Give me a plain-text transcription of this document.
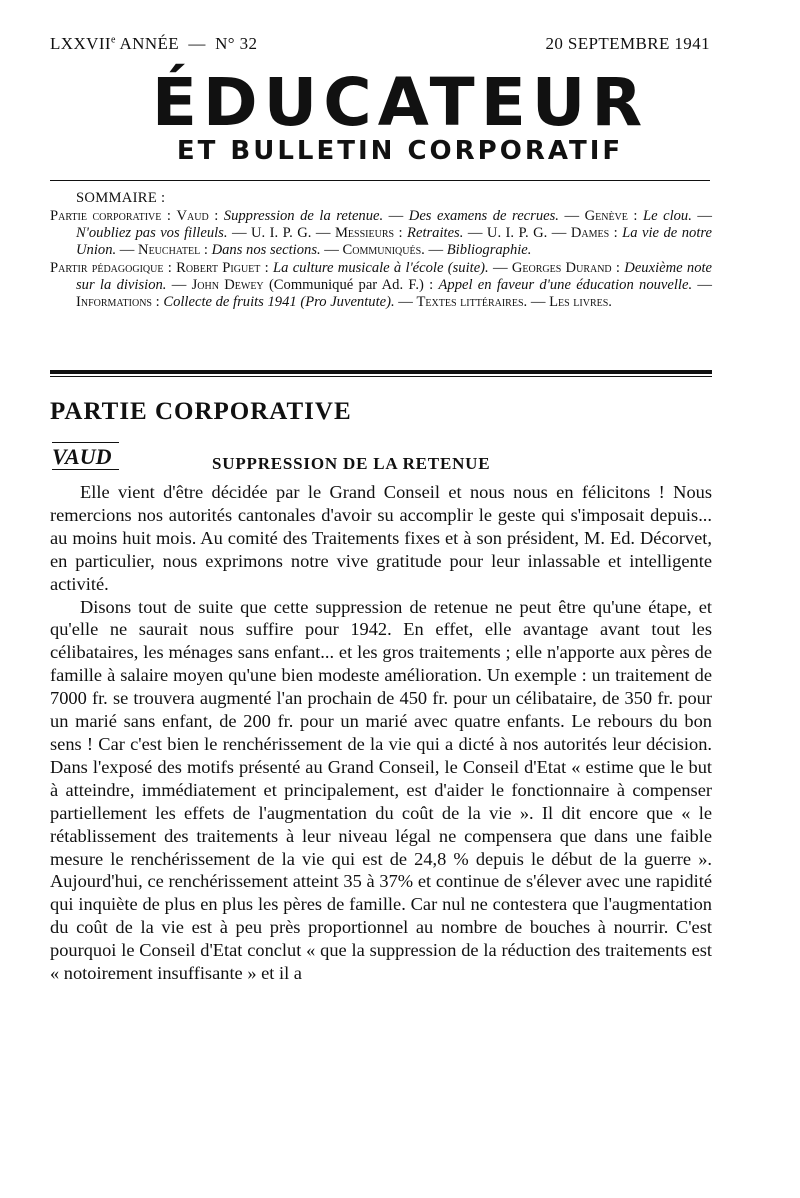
LXXVIIe ANNÉE  —  N° 32	20 SEPTEMBRE 1941
ÉDUCATEUR
ET BULLETIN CORPORATIF
SOMMAIRE :

Partie corporative : Vaud : Suppression de la retenue. — Des examens de recrues. — Genève : Le clou. — N'oubliez pas vos filleuls. — U. I. P. G. — Messieurs : Retraites. — U. I. P. G. — Dames : La vie de notre Union. — Neuchatel : Dans nos sections. — Communiqués. — Bibliographie.

Partir pédagogique : Robert Piguet : La culture musicale à l'école (suite). — Georges Durand : Deuxième note sur la division. — John Dewey (Communiqué par Ad. F.) : Appel en faveur d'une éducation nouvelle. — Informations : Collecte de fruits 1941 (Pro Juventute). — Textes littéraires. — Les livres.

PARTIE CORPORATIVE
VAUD	SUPPRESSION DE LA RETENUE

Elle vient d'être décidée par le Grand Conseil et nous nous en félicitons ! Nous remercions nos autorités cantonales d'avoir su accomplir le geste qui s'imposait depuis... au moins huit mois. Au comité des Traitements fixes et à son président, M. Ed. Décorvet, en particulier, nous exprimons notre vive gratitude pour leur inlassable et intelligente activité.

Disons tout de suite que cette suppression de retenue ne peut être qu'une étape, et qu'elle ne saurait nous suffire pour 1942. En effet, elle avantage avant tout les célibataires, les ménages sans enfant... et les gros traitements ; elle n'apporte aux pères de famille à salaire moyen qu'une bien modeste amélioration. Un exemple : un traitement de 7000 fr. se trouvera augmenté l'an prochain de 450 fr. pour un célibataire, de 350 fr. pour un marié sans enfant, de 200 fr. pour un marié avec quatre enfants. Le rebours du bon sens ! Car c'est bien le renchérissement de la vie qui a dicté à nos autorités leur décision. Dans l'exposé des motifs présenté au Grand Conseil, le Conseil d'Etat « estime que le but à atteindre, immédiatement et principalement, est d'aider le fonctionnaire à compenser partiellement les effets de l'augmentation du coût de la vie ». Il dit encore que « le rétablissement des traitements à leur niveau légal ne compensera que dans une faible mesure le renchérissement de la vie qui est de 24,8 % depuis le début de la guerre ». Aujourd'hui, ce renchérissement atteint 35 à 37% et continue de s'élever avec une rapidité qui inquiète de plus en plus les pères de famille. Car nul ne contestera que l'augmentation du coût de la vie est à peu près proportionnel au nombre de bouches à nourrir. C'est pourquoi le Conseil d'Etat conclut « que la suppression de la réduction des traitements est « notoirement insuffisante » et il a
